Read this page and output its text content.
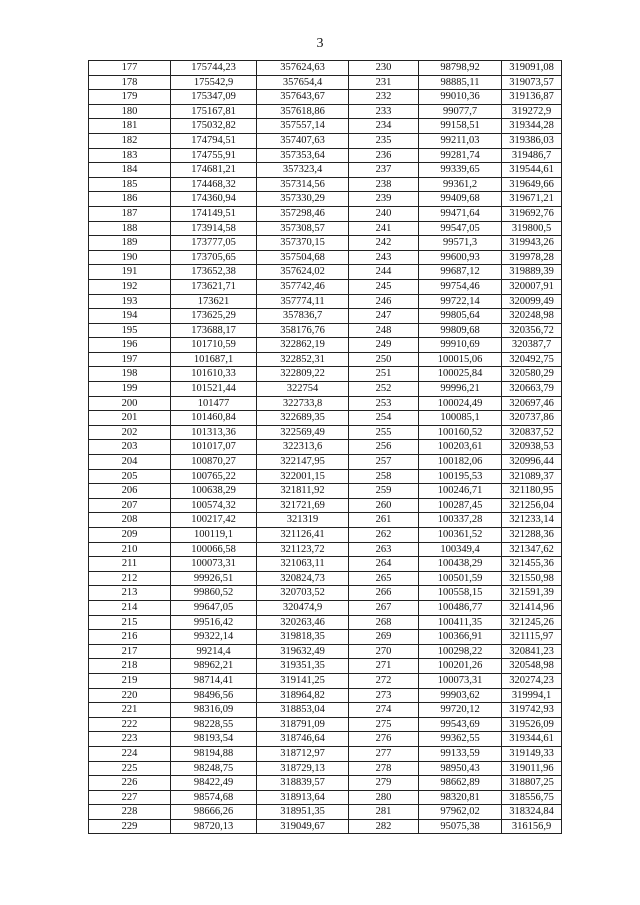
3
177	175744,23	357624,63	230	98798,92	319091,08
178	175542,9	357654,4	231	98885,11	319073,57
179	175347,09	357643,67	232	99010,36	319136,87
180	175167,81	357618,86	233	99077,7	319272,9
181	175032,82	357557,14	234	99158,51	319344,28
182	174794,51	357407,63	235	99211,03	319386,03
183	174755,91	357353,64	236	99281,74	319486,7
184	174681,21	357323,4	237	99339,65	319544,61
185	174468,32	357314,56	238	99361,2	319649,66
186	174360,94	357330,29	239	99409,68	319671,21
187	174149,51	357298,46	240	99471,64	319692,76
188	173914,58	357308,57	241	99547,05	319800,5
189	173777,05	357370,15	242	99571,3	319943,26
190	173705,65	357504,68	243	99600,93	319978,28
191	173652,38	357624,02	244	99687,12	319889,39
192	173621,71	357742,46	245	99754,46	320007,91
193	173621	357774,11	246	99722,14	320099,49
194	173625,29	357836,7	247	99805,64	320248,98
195	173688,17	358176,76	248	99809,68	320356,72
196	101710,59	322862,19	249	99910,69	320387,7
197	101687,1	322852,31	250	100015,06	320492,75
198	101610,33	322809,22	251	100025,84	320580,29
199	101521,44	322754	252	99996,21	320663,79
200	101477	322733,8	253	100024,49	320697,46
201	101460,84	322689,35	254	100085,1	320737,86
202	101313,36	322569,49	255	100160,52	320837,52
203	101017,07	322313,6	256	100203,61	320938,53
204	100870,27	322147,95	257	100182,06	320996,44
205	100765,22	322001,15	258	100195,53	321089,37
206	100638,29	321811,92	259	100246,71	321180,95
207	100574,32	321721,69	260	100287,45	321256,04
208	100217,42	321319	261	100337,28	321233,14
209	100119,1	321126,41	262	100361,52	321288,36
210	100066,58	321123,72	263	100349,4	321347,62
211	100073,31	321063,11	264	100438,29	321455,36
212	99926,51	320824,73	265	100501,59	321550,98
213	99860,52	320703,52	266	100558,15	321591,39
214	99647,05	320474,9	267	100486,77	321414,96
215	99516,42	320263,46	268	100411,35	321245,26
216	99322,14	319818,35	269	100366,91	321115,97
217	99214,4	319632,49	270	100298,22	320841,23
218	98962,21	319351,35	271	100201,26	320548,98
219	98714,41	319141,25	272	100073,31	320274,23
220	98496,56	318964,82	273	99903,62	319994,1
221	98316,09	318853,04	274	99720,12	319742,93
222	98228,55	318791,09	275	99543,69	319526,09
223	98193,54	318746,64	276	99362,55	319344,61
224	98194,88	318712,97	277	99133,59	319149,33
225	98248,75	318729,13	278	98950,43	319011,96
226	98422,49	318839,57	279	98662,89	318807,25
227	98574,68	318913,64	280	98320,81	318556,75
228	98666,26	318951,35	281	97962,02	318324,84
229	98720,13	319049,67	282	95075,38	316156,9
